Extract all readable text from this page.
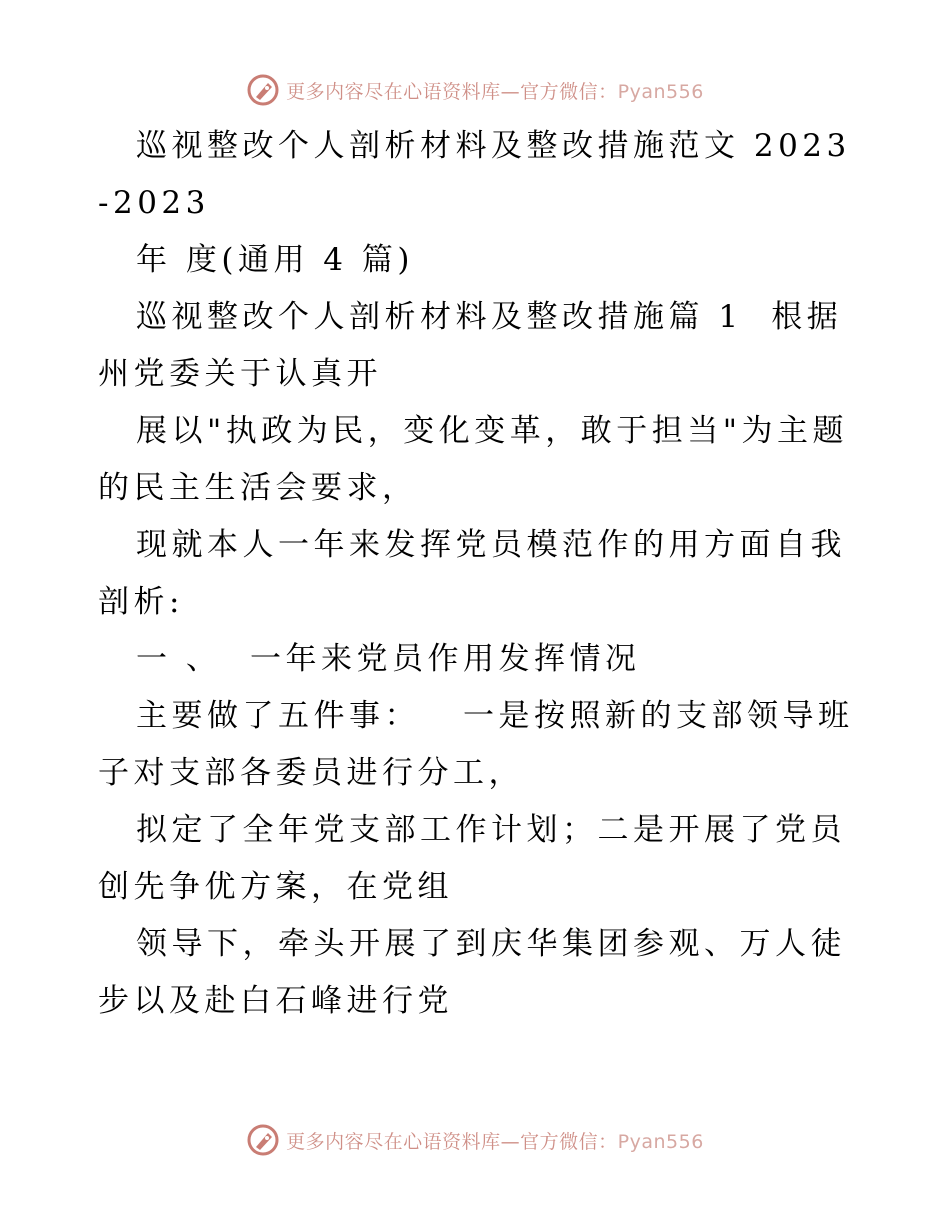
更多内容尽在心语资料库—官方微信：Pyan556

巡视整改个人剖析材料及整改措施范文 2023-2023

年 度(通用 4 篇)

巡视整改个人剖析材料及整改措施篇 1  根据州党委关于认真开

展以"执政为民，变化变革，敢于担当"为主题的民主生活会要求，

现就本人一年来发挥党员模范作的用方面自我剖析:

一 、  一年来党员作用发挥情况

主要做了五件事：   一是按照新的支部领导班子对支部各委员进行分工，

拟定了全年党支部工作计划；二是开展了党员创先争优方案，在党组

领导下，牵头开展了到庆华集团参观、万人徒步以及赴白石峰进行党

更多内容尽在心语资料库—官方微信：Pyan556
